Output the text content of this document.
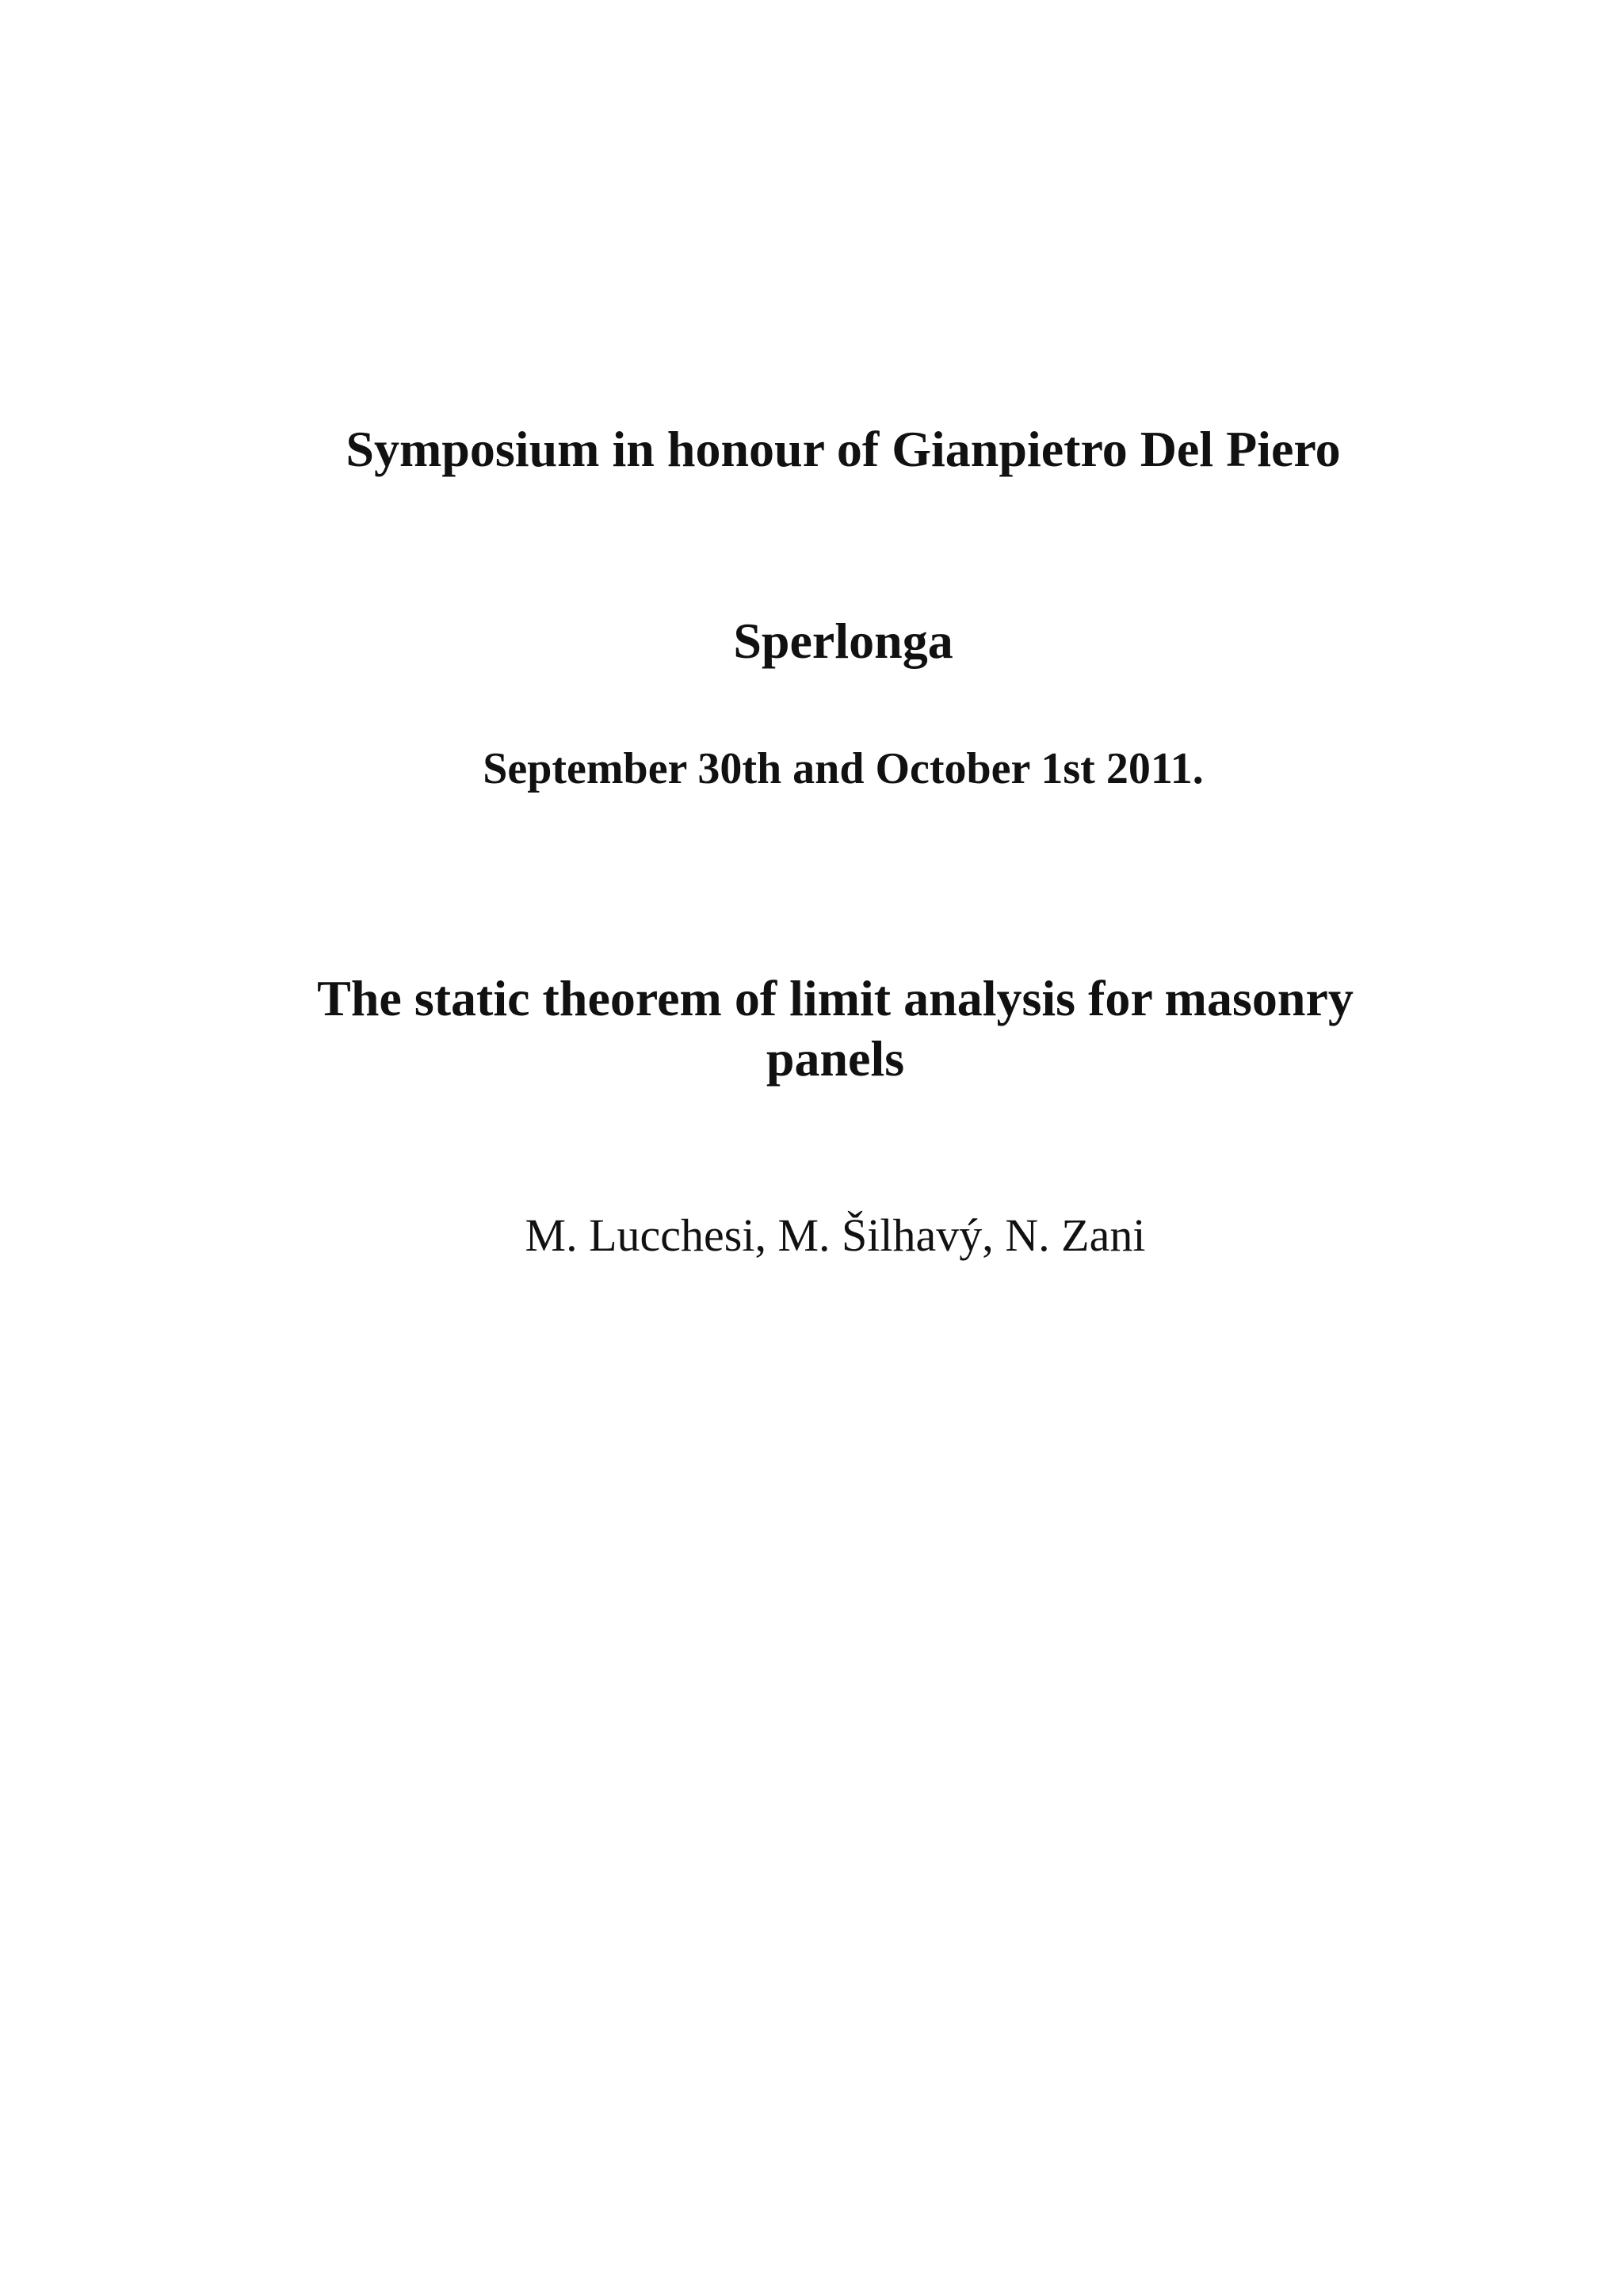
Symposium in honour of Gianpietro Del Piero
Sperlonga
September 30th and October 1st 2011.
The static theorem of limit analysis for masonry
panels
M. Lucchesi, M. Šilhavý, N. Zani
